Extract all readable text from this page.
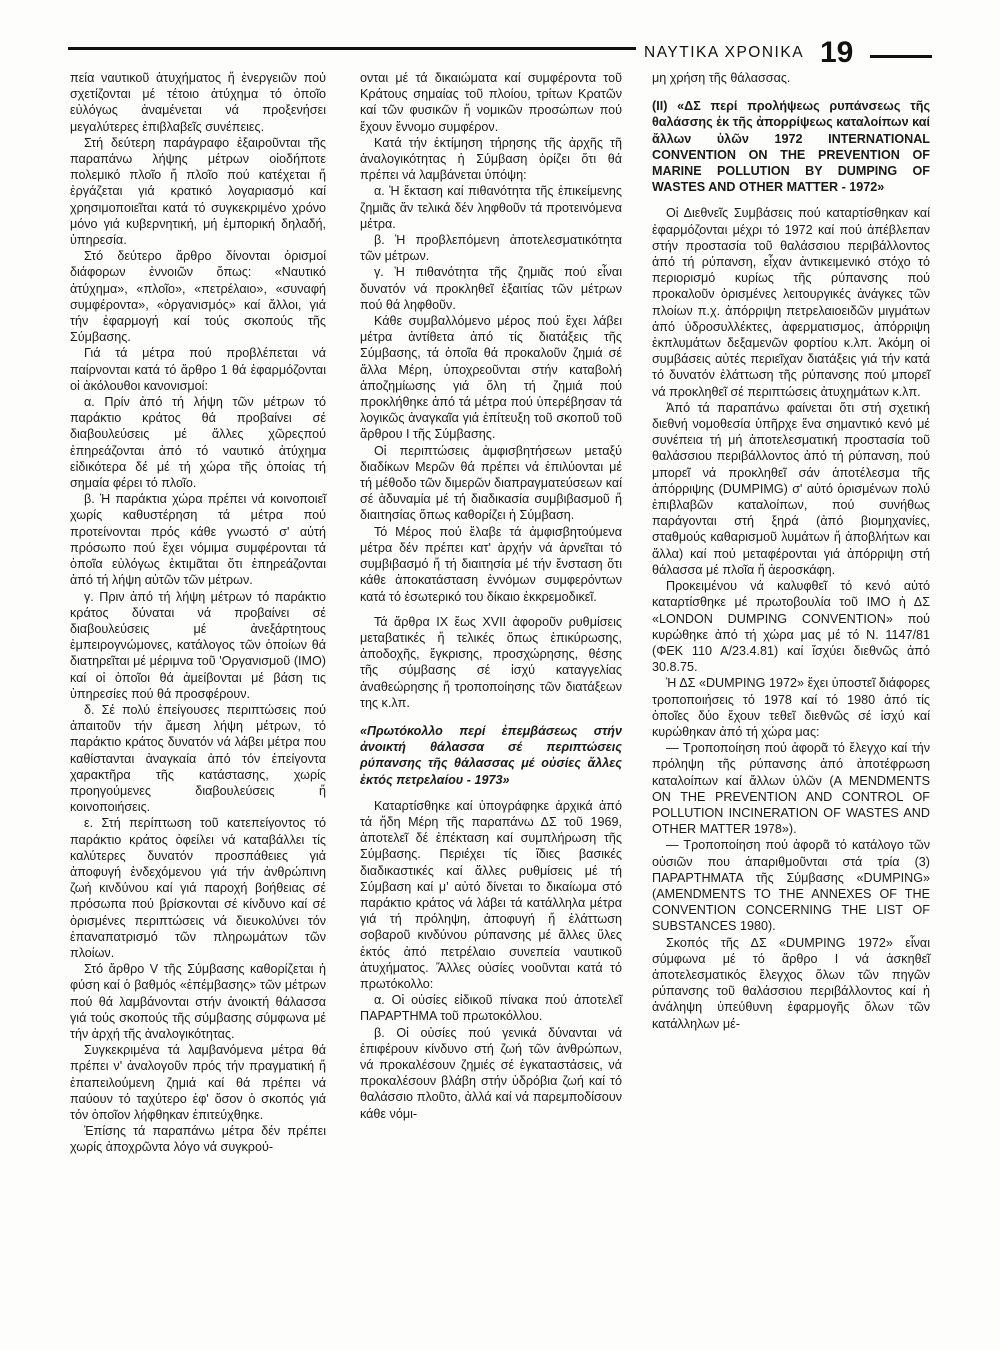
ΝΑΥΤΙΚΑ ΧΡΟΝΙΚΑ 19

πεία ναυτικοῦ ἀτυχήματος ἤ ἐνεργειῶν ποὐ σχετίζονται μέ τέτοιο ἀτύχημα τό ὁποῖο εὐλόγως ἀναμένεται νά προξενήσει μεγαλύτερες ἐπιβλαβεῖς συνέπειες.

Στή δεύτερη παράγραφο ἐξαιροῦνται τῆς παραπάνω λήψης μέτρων οἱοδήποτε πολεμικό πλοῖο ἤ πλοῖο πού κατέχεται ἤ ἐργάζεται γιά κρατικό λογαριασμό καί χρησιμοποιεῖται κατά τό συγκεκριμένο χρόνο μόνο γιά κυβερνητική, μή ἐμπορική δηλαδή, ὑπηρεσία.

Στό δεύτερο ἄρθρο δίνονται ὁρισμοί διάφορων ἐννοιῶν ὅπως: «Ναυτικό ἀτύχημα», «πλοῖο», «πετρέλαιο», «συναφή συμφέροντα», «ὀργανισμός» καί ἄλλοι, γιά τήν ἐφαρμογή καί τούς σκοπούς τῆς Σύμβασης.

Γιά τά μέτρα πού προβλέπεται νά παίρνονται κατά τό ἄρθρο 1 θά ἐφαρμόζονται οἱ ἀκόλουθοι κανονισμοί:

α. Πρίν ἀπό τή λήψη τῶν μέτρων τό παράκτιο κράτος θά προβαίνει σέ διαβουλεύσεις μέ ἄλλες χῶρεςπού ἐπηρεάζονται ἀπό τό ναυτικό ἀτύχημα εἰδικότερα δέ μέ τή χώρα τῆς ὁποίας τή σημαία φέρει τό πλοῖο.

β. Ἡ παράκτια χώρα πρέπει νά κοινοποιεῖ χωρίς καθυστέρηση τά μέτρα πού προτείνονται πρός κάθε γνωστό σ' αὐτή πρόσωπο πού ἔχει νόμιμα συμφέρονται τά ὁποῖα εὐλόγως ἐκτιμᾶται ὅτι ἐπηρεάζονται ἀπό τή λήψη αὐτῶν τῶν μέτρων.

γ. Πριν ἀπό τή λήψη μέτρων τό παράκτιο κράτος δύναται νά προβαίνει σέ διαβουλεύσεις μέ ἀνεξάρτητους ἐμπειρογνώμονες, κατάλογος τῶν ὁποίων θά διατηρεῖται μέ μέριμνα τοῦ 'Οργανισμοῦ (ΙΜΟ) καί οἱ ὁποῖοι θά ἀμείβονται μέ βάση τις ὑπηρεσίες πού θά προσφέρουν.

δ. Σέ πολύ ἐπείγουσες περιπτώσεις πού ἀπαιτοῦν τήν ἄμεση λήψη μέτρων, τό παράκτιο κράτος δυνατόν νά λάβει μέτρα που καθίστανται ἀναγκαία ἀπό τόν ἐπείγοντα χαρακτῆρα τῆς κατάστασης, χωρίς προηγούμενες διαβουλεύσεις ἤ κοινοποιήσεις.

ε. Στή περίπτωση τοῦ κατεπείγοντος τό παράκτιο κράτος ὀφείλει νά καταβάλλει τίς καλύτερες δυνατόν προσπάθειες γιά ἀποφυγή ἐνδεχόμενου γιά τήν ἀνθρώπινη ζωή κινδύνου καί γιά παροχή βοήθειας σέ πρόσωπα πού βρίσκονται σέ κίνδυνο καί σέ ὁρισμένες περιπτώσεις νά διευκολύνει τόν ἐπαναπατρισμό τῶν πληρωμάτων τῶν πλοίων.

Στό ἄρθρο V τῆς Σύμβασης καθορίζεται ἡ φύση καί ὁ βαθμός «ἐπέμβασης» τῶν μέτρων πού θά λαμβάνονται στήν ἀνοικτή θάλασσα γιά τούς σκοπούς τῆς σύμβασης σύμφωνα μέ τήν ἀρχή τῆς ἀναλογικότητας.

Συγκεκριμένα τά λαμβανόμενα μέτρα θά πρέπει ν' ἀναλογοῦν πρός τήν πραγματική ἤ ἐπαπειλούμενη ζημιά καί θά πρέπει νά παύουν τό ταχύτερο ἐφ' ὅσον ὁ σκοπός γιά τόν ὁποῖον λήφθηκαν ἐπιτεύχθηκε.

Ἐπίσης τά παραπάνω μέτρα δέν πρέπει χωρίς ἀποχρῶντα λόγο νά συγκρού-

ονται μέ τά δικαιώματα καί συμφέροντα τοῦ Κράτους σημαίας τοῦ πλοίου, τρίτων Κρατῶν καί τῶν φυσικῶν ἤ νομικῶν προσώπων πού ἔχουν ἔννομο συμφέρον.

Κατά τήν ἐκτίμηση τήρησης τῆς ἀρχῆς τῆ ἀναλογικότητας ἡ Σύμβαση ὁρίζει ὅτι θά πρέπει νά λαμβάνεται ὑπόψη:

α. Ἡ ἔκταση καί πιθανότητα τῆς ἐπικείμενης ζημιᾶς ἄν τελικά δέν ληφθοῦν τά προτεινόμενα μέτρα.

β. Ἡ προβλεπόμενη ἀποτελεσματικότητα τῶν μέτρων.

γ. Ἡ πιθανότητα τῆς ζημιᾶς πού εἶναι δυνατόν νά προκληθεῖ ἐξαιτίας τῶν μέτρων πού θά ληφθοῦν.

Κάθε συμβαλλόμενο μέρος πού ἔχει λάβει μέτρα ἀντίθετα ἀπό τίς διατάξεις τῆς Σύμβασης, τά ὁποῖα θά προκαλοῦν ζημιά σέ ἄλλα Μέρη, ὑποχρεοῦνται στήν καταβολή ἀποζημίωσης γιά ὅλη τή ζημιά πού προκλήθηκε ἀπό τά μέτρα πού ὑπερέβησαν τά λογικῶς ἀναγκαῖα γιά ἐπίτευξη τοῦ σκοποῦ τοῦ ἄρθρου Ι τῆς Σύμβασης.

Οἱ περιπτώσεις ἀμφισβητήσεων μεταξύ διαδίκων Μερῶν θά πρέπει νά ἐπιλύονται μέ τή μέθοδο τῶν διμερῶν διαπραγματεύσεων καί σέ ἀδυναμία μέ τή διαδικασία συμβιβασμοῦ ἤ διαιτησίας ὅπως καθορίζει ἡ Σύμβαση.

Τό Μέρος πού ἔλαβε τά ἀμφισβητούμενα μέτρα δέν πρέπει κατ' ἀρχήν νά ἀρνεῖται τό συμβιβασμό ἤ τή διαιτησία μέ τήν ἔνσταση ὅτι κάθε ἀποκατάσταση ἐννόμων συμφερόντων κατά τό ἐσωτερικό του δίκαιο ἐκκρεμοδικεῖ.

Τά ἄρθρα ΙΧ ἕως XVII ἀφοροῦν ρυθμίσεις μεταβατικές ἤ τελικές ὅπως ἐπικύρωσης, ἀποδοχῆς, ἔγκρισης, προσχώρησης, θέσης τῆς σύμβασης σέ ἰσχύ καταγγελίας ἀναθεώρησης ἤ τροποποίησης τῶν διατάξεων της κ.λπ.

«Πρωτόκολλο περί ἐπεμβάσεως στήν ἀνοικτή θάλασσα σέ περιπτώσεις ρύπανσης τῆς θάλασσας μέ οὐσίες ἄλλες ἐκτός πετρελαίου - 1973»

Καταρτίσθηκε καί ὑπογράφηκε ἀρχικά ἀπό τά ἤδη Μέρη τῆς παραπάνω ΔΣ τοῦ 1969, ἀποτελεῖ δέ ἐπέκταση καί συμπλήρωση τῆς Σύμβασης. Περιέχει τίς ἴδιες βασικές διαδικαστικές καί ἄλλες ρυθμίσεις μέ τή Σύμβαση καί μ' αὐτό δίνεται το δικαίωμα στό παράκτιο κράτος νά λάβει τά κατάλληλα μέτρα γιά τή πρόληψη, ἀποφυγή ἤ ἐλάττωση σοβαροῦ κινδύνου ρύπανσης μέ ἄλλες ὕλες ἐκτός ἀπό πετρέλαιο συνεπεία ναυτικοῦ ἀτυχήματος. Ἄλλες οὐσίες νοοῦνται κατά τό πρωτόκολλο:

α. Οἱ οὐσίες εἰδικοῦ πίνακα πού ἀποτελεῖ ΠΑΡΑΡΤΗΜΑ τοῦ πρωτοκόλλου.

β. Οἱ οὐσίες πού γενικά δύνανται νά ἐπιφέρουν κίνδυνο στή ζωή τῶν ἀνθρώπων, νά προκαλέσουν ζημιές σέ ἐγκαταστάσεις, νά προκαλέσουν βλάβη στήν ὑδρόβια ζωή καί τό θαλάσσιο πλοῦτο, ἀλλά καί νά παρεμποδίσουν κάθε νόμι-

μη χρήση τῆς θάλασσας.

(ΙΙ) «ΔΣ περί προλήψεως ρυπάνσεως τῆς θαλάσσης ἐκ τῆς ἀπορρίψεως καταλοίπων καί ἄλλων ὑλῶν 1972 INTERNATIONAL CONVENTION ON THE PREVENTION OF MARINE POLLUTION BY DUMPING OF WASTES AND OTHER MATTER - 1972»

Οἱ Διεθνεῖς Συμβάσεις πού καταρτίσθηκαν καί ἐφαρμόζονται μέχρι τό 1972 καί πού ἀπέβλεπαν στήν προστασία τοῦ θαλάσσιου περιβάλλοντος ἀπό τή ρύπανση, εἶχαν ἀντικειμενικό στόχο τό περιορισμό κυρίως τῆς ρύπανσης πού προκαλοῦν ὁρισμένες λειτουργικές ἀνάγκες τῶν πλοίων π.χ. ἀπόρριψη πετρελαιοειδῶν μιγμάτων ἀπό ὑδροσυλλέκτες, ἀφερματισμος, ἀπόρριψη ἐκπλυμάτων δεξαμενῶν φορτίου κ.λπ. Ἀκόμη οἱ συμβάσεις αὐτές περιεῖχαν διατάξεις γιά τήν κατά τό δυνατόν ἐλάττωση τῆς ρύπανσης πού μπορεῖ νά προκληθεῖ σέ περιπτώσεις ἀτυχημάτων κ.λπ.

Ἀπό τά παραπάνω φαίνεται ὅτι στή σχετική διεθνή νομοθεσία ὑπῆρχε ἕνα σημαντικό κενό μέ συνέπεια τή μή ἀποτελεσματική προστασία τοῦ θαλάσσιου περιβάλλοντος ἀπό τή ρύπανση, πού μπορεῖ νά προκληθεῖ σάν ἀποτέλεσμα τῆς ἀπόρριψης (DUMPIMG) σ' αὐτό ὁρισμένων πολύ ἐπιβλαβῶν καταλοίπων, πού συνήθως παράγονται στή ξηρά (ἀπό βιομηχανίες, σταθμούς καθαρισμοῦ λυμάτων ἤ ἀποβλήτων και ἄλλα) καί πού μεταφέρονται γιά ἀπόρριψη στή θάλασσα μέ πλοῖα ἤ ἀεροσκάφη.

Προκειμένου νά καλυφθεῖ τό κενό αὐτό καταρτίσθηκε μέ πρωτοβουλία τοῦ ΙΜΟ ἡ ΔΣ «LONDON DUMPING CONVENTION» πού κυρώθηκε ἀπό τή χώρα μας μέ τό Ν. 1147/81 (ΦΕΚ 110 Α/23.4.81) καί ἴσχύει διεθνῶς ἀπό 30.8.75.

Ἡ ΔΣ «DUMPING 1972» ἔχει ὑποστεῖ διάφορες τροποποιήσεις τό 1978 καί τό 1980 ἀπό τίς ὁποῖες δύο ἔχουν τεθεῖ διεθνῶς σέ ἰσχύ καί κυρώθηκαν ἀπό τή χώρα μας:

— Τροποποίηση πού ἀφορᾶ τό ἔλεγχο καί τήν πρόληψη τῆς ρύπανσης ἀπό ἀποτέφρωση καταλοίπων καί ἄλλων ὑλῶν (A MENDMENTS ON THE PREVENTION AND CONTROL OF POLLUTION INCINERATION OF WASTES AND OTHER MATTER 1978»).

— Τροποποίηση πού ἀφορᾶ τό κατάλογο τῶν οὐσιῶν που ἀπαριθμοῦνται στά τρία (3) ΠΑΡΑΡΤΗΜΑΤΑ τῆς Σύμβασης «DUMPING» (AMENDMENTS TO THE ANNEXES OF THE CONVENTION CONCERNING THE LIST OF SUBSTANCES 1980).

Σκοπός τῆς ΔΣ «DUMPING 1972» εἶναι σύμφωνα μέ τό ἄρθρο Ι νά ἀσκηθεῖ ἀποτελεσματικός ἔλεγχος ὅλων τῶν πηγῶν ρύπανσης τοῦ θαλάσσιου περιβάλλοντος καί ἡ ἀνάληψη ὑπεύθυνη ἐφαρμογῆς ὅλων τῶν κατάλληλων μέ-
